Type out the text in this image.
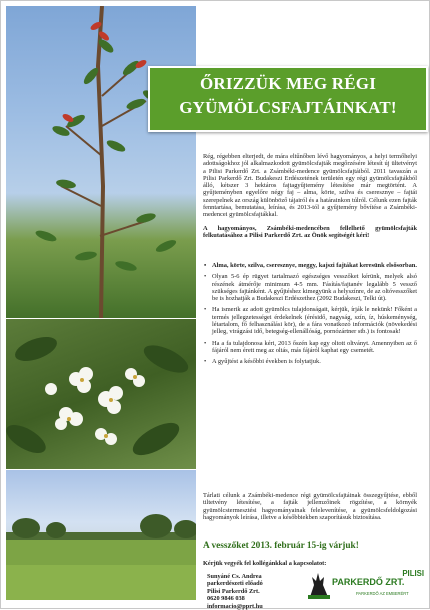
ŐRIZZÜK MEG RÉGI
GYÜMÖLCSFAJTÁINKAT!
Rég, régebben elterjedt, de mára eltűnőben lévő hagyományos, a helyi termőhelyi adottságokhoz jól alkalmazkodott gyümölcsfajták megőrzésére létesít új ültetvényt a Pilisi Parkerdő Zrt. a Zsámbéki-medence gyümölcsfajtáiból. 2011 tavaszán a Pilisi Parkerdő Zrt. Budakeszi Erdészetének területén egy régi gyümölcsfajtákból álló, kétszer 3 hektáros fajtagyűjtemény létesítése már megtörtént. A gyűjteményben egyelőre négy faj – alma, körte, szilva és cseresznye – fajtái szerepelnek az ország különböző tájairól és a határainkon túlról. Célunk ezen fajták fenntartása, bemutatása, leírása, és 2013-tól a gyűjtemény bővítése a Zsámbéki-medencei gyümölcsfajtákkal.
A hagyományos, Zsámbéki-medencében fellelhető gyümölcsfajták felkutatásához a Pilisi Parkerdő Zrt. az Önök segítségét kéri!
• Alma, körte, szilva, cseresznye, meggy, kajszi fajtákat keresünk elsősorban.
• Olyan 5-6 ép rügyet tartalmazó egészséges vesszőket kérünk, melyek alsó részének átmérője minimum 4-5 mm. Fásítás/fajtanév legalább 5 vessző szükséges fajtánként. A gyűjtéshez kimegyünk a helyszínre, de az oltóvesszőket be is hozhatják a Budakeszi Erdészethez (2092 Budakeszi, Telki út).
• Ha ismerik az adott gyümölcs tulajdonságait, kérjük, írják le nekünk! Főként a termés jellegzetességei érdekelnek (érésidő, nagyság, szín, íz, húskeménység, létartalom, fő felhasználási kör), de a fára vonatkozó információk (növekedési jelleg, virágzási idő, betegség-ellenállóság, pornózártner stb.) is fontosak!
• Ha a fa tulajdonosa kéri, 2013 őszén kap egy oltott oltványt. Amennyiben az ő fájáról nem érett meg az oltás, más fájáról kaphat egy csemetét.
• A gyűjtést a későbbi években is folytatjuk.
Tárlati célunk a Zsámbéki-medence régi gyümölcsfajtáinak összegyűjtése, ebből tiltetvény létesítése, a fajták jellemzőinek rögzítése, a környék gyümölcstermesztési hagyományainak felelevenítése, a gyümölcsfeldolgozási hagyományok leírása, illetve a későbbiekben szaporításuk biztosítása.
A vesszőket 2013. február 15-ig várjuk!
Kérjük vegyék fel kollégánkkal a kapcsolatot:
Sunyáné Cs. Andrea
parkerdészeti előadó
Pilisi Parkerdő Zrt.
0620 9846 038
informacio@pprt.hu
PILISI
PARKERDŐ ZRT.
PARKERDŐ AZ EMBERÉRT
